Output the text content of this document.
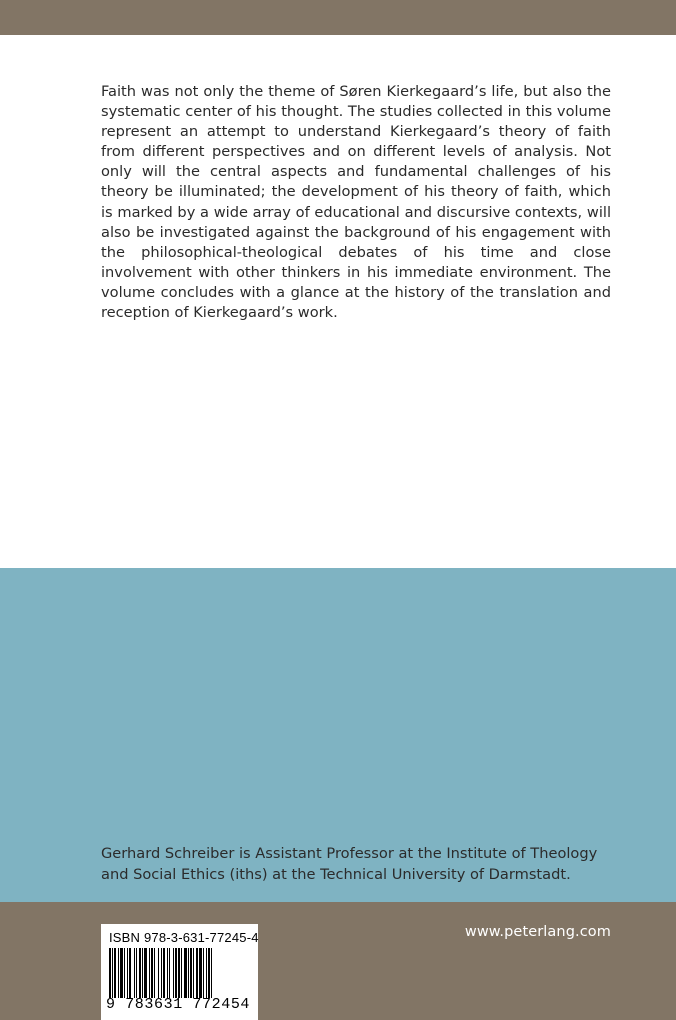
Faith was not only the theme of Søren Kierkegaard’s life, but also the systematic center of his thought. The studies collected in this volume represent an attempt to understand Kierkegaard’s theory of faith from different perspectives and on different levels of analysis. Not only will the central aspects and fundamental challenges of his theory be illuminated; the development of his theory of faith, which is marked by a wide array of educational and discursive contexts, will also be investigated against the background of his engagement with the philosophical-theological debates of his time and close involvement with other thinkers in his immediate environment. The volume concludes with a glance at the history of the translation and reception of Kierkegaard’s work.

Gerhard Schreiber is Assistant Professor at the Institute of Theology and Social Ethics (iths) at the Technical University of Darmstadt.

www.peterlang.com
ISBN 978-3-631-77245-4
9 783631 772454
